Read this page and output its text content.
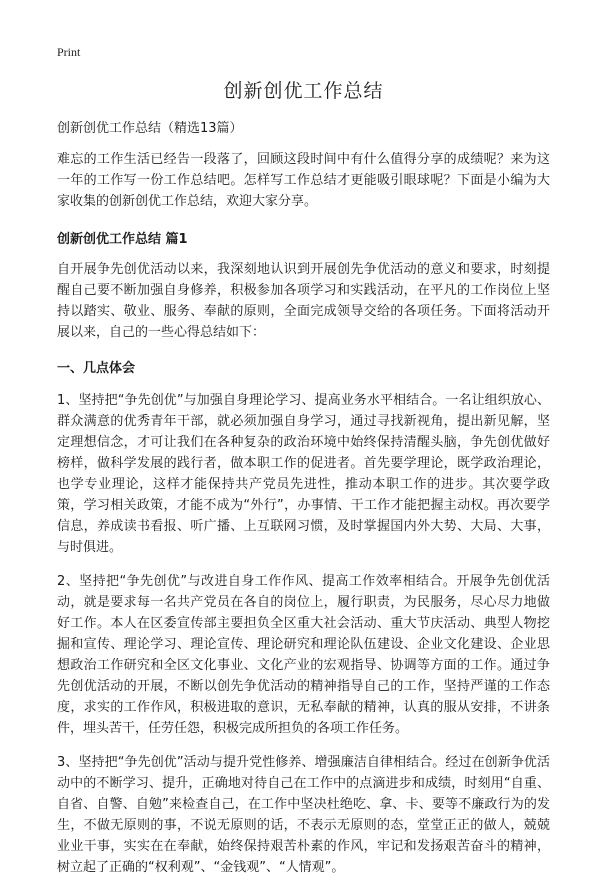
Print
创新创优工作总结
创新创优工作总结（精选13篇）

难忘的工作生活已经告一段落了，回顾这段时间中有什么值得分享的成绩呢？来为这一年的工作写一份工作总结吧。怎样写工作总结才更能吸引眼球呢？下面是小编为大家收集的创新创优工作总结，欢迎大家分享。

创新创优工作总结 篇1

自开展争先创优活动以来，我深刻地认识到开展创先争优活动的意义和要求，时刻提醒自己要不断加强自身修养，积极参加各项学习和实践活动，在平凡的工作岗位上坚持以踏实、敬业、服务、奉献的原则，全面完成领导交给的各项任务。下面将活动开展以来，自己的一些心得总结如下：

一、几点体会

1、坚持把“争先创优”与加强自身理论学习、提高业务水平相结合。一名让组织放心、群众满意的优秀青年干部，就必须加强自身学习，通过寻找新视角，提出新见解，坚定理想信念，才可让我们在各种复杂的政治环境中始终保持清醒头脑，争先创优做好榜样，做科学发展的践行者，做本职工作的促进者。首先要学理论，既学政治理论，也学专业理论，这样才能保持共产党员先进性，推动本职工作的进步。其次要学政策，学习相关政策，才能不成为“外行”，办事情、干工作才能把握主动权。再次要学信息，养成读书看报、听广播、上互联网习惯，及时掌握国内外大势、大局、大事，与时俱进。

2、坚持把“争先创优”与改进自身工作作风、提高工作效率相结合。开展争先创优活动，就是要求每一名共产党员在各自的岗位上，履行职责，为民服务，尽心尽力地做好工作。本人在区委宣传部主要担负全区重大社会活动、重大节庆活动、典型人物挖掘和宣传、理论学习、理论宣传、理论研究和理论队伍建设、企业文化建设、企业思想政治工作研究和全区文化事业、文化产业的宏观指导、协调等方面的工作。通过争先创优活动的开展，不断以创先争优活动的精神指导自己的工作，坚持严谨的工作态度，求实的工作作风，积极进取的意识，无私奉献的精神，认真的服从安排，不讲条件，埋头苦干，任劳任怨，积极完成所担负的各项工作任务。

3、坚持把“争先创优”活动与提升党性修养、增强廉洁自律相结合。经过在创新争优活动中的不断学习、提升，正确地对待自己在工作中的点滴进步和成绩，时刻用“自重、自省、自警、自勉”来检查自己，在工作中坚决杜绝吃、拿、卡、要等不廉政行为的发生，不做无原则的事，不说无原则的话，不表示无原则的态，堂堂正正的做人，兢兢业业干事，实实在在奉献，始终保持艰苦朴素的作风，牢记和发扬艰苦奋斗的精神，树立起了正确的“权利观”、“金钱观”、“人情观”。
